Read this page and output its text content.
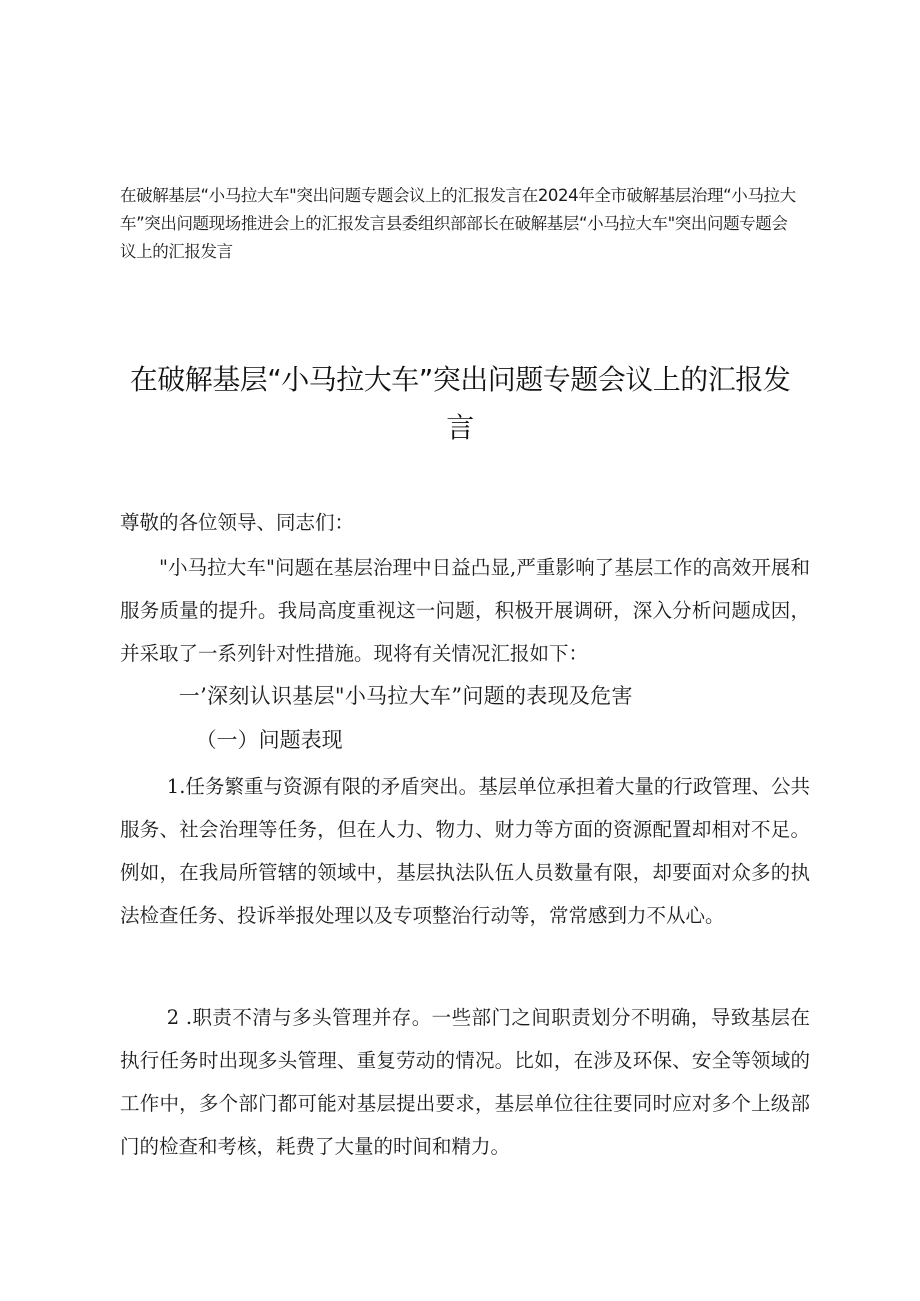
在破解基层“小马拉大车"突出问题专题会议上的汇报发言在2024年全市破解基层治理“小马拉大车”突出问题现场推进会上的汇报发言县委组织部部长在破解基层“小马拉大车"突出问题专题会议上的汇报发言

在破解基层“小马拉大车”突出问题专题会议上的汇报发言

尊敬的各位领导、同志们：

"小马拉大车"问题在基层治理中日益凸显,严重影响了基层工作的高效开展和服务质量的提升。我局高度重视这一问题，积极开展调研，深入分析问题成因，并采取了一系列针对性措施。现将有关情况汇报如下：

一’深刻认识基层"小马拉大车”问题的表现及危害

（一）问题表现

1.任务繁重与资源有限的矛盾突出。基层单位承担着大量的行政管理、公共服务、社会治理等任务，但在人力、物力、财力等方面的资源配置却相对不足。例如，在我局所管辖的领域中，基层执法队伍人员数量有限，却要面对众多的执法检查任务、投诉举报处理以及专项整治行动等，常常感到力不从心。

2 .职责不清与多头管理并存。一些部门之间职责划分不明确，导致基层在执行任务时出现多头管理、重复劳动的情况。比如，在涉及环保、安全等领域的工作中，多个部门都可能对基层提出要求，基层单位往往要同时应对多个上级部门的检查和考核，耗费了大量的时间和精力。
